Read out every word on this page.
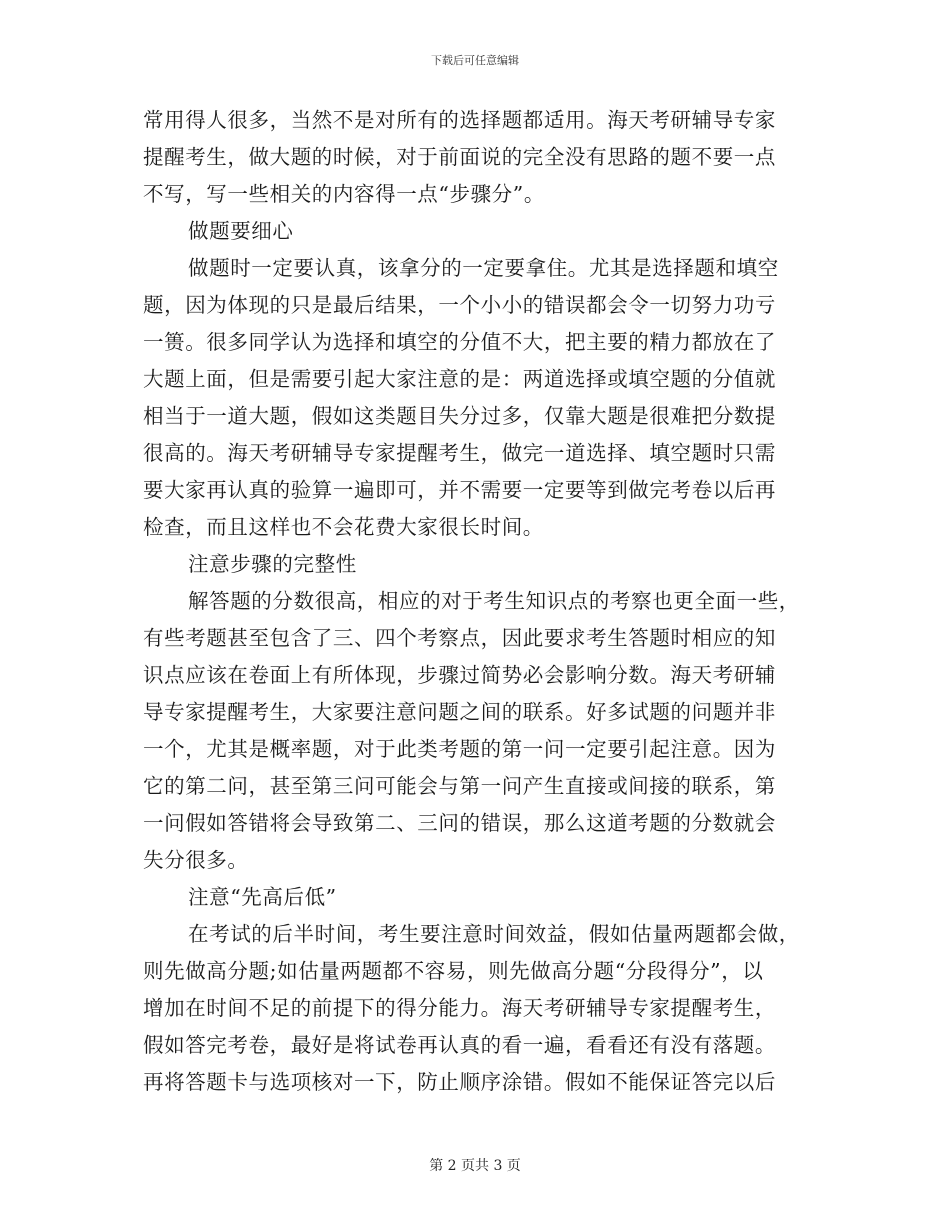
下载后可任意编辑
常用得人很多，当然不是对所有的选择题都适用。海天考研辅导专家
提醒考生，做大题的时候，对于前面说的完全没有思路的题不要一点
不写，写一些相关的内容得一点“步骤分”。
做题要细心
做题时一定要认真，该拿分的一定要拿住。尤其是选择题和填空
题，因为体现的只是最后结果，一个小小的错误都会令一切努力功亏
一篑。很多同学认为选择和填空的分值不大，把主要的精力都放在了
大题上面，但是需要引起大家注意的是：两道选择或填空题的分值就
相当于一道大题，假如这类题目失分过多，仅靠大题是很难把分数提
很高的。海天考研辅导专家提醒考生，做完一道选择、填空题时只需
要大家再认真的验算一遍即可，并不需要一定要等到做完考卷以后再
检查，而且这样也不会花费大家很长时间。
注意步骤的完整性
解答题的分数很高，相应的对于考生知识点的考察也更全面一些，
有些考题甚至包含了三、四个考察点，因此要求考生答题时相应的知
识点应该在卷面上有所体现，步骤过简势必会影响分数。海天考研辅
导专家提醒考生，大家要注意问题之间的联系。好多试题的问题并非
一个，尤其是概率题，对于此类考题的第一问一定要引起注意。因为
它的第二问，甚至第三问可能会与第一问产生直接或间接的联系，第
一问假如答错将会导致第二、三问的错误，那么这道考题的分数就会
失分很多。
注意“先高后低”
在考试的后半时间，考生要注意时间效益，假如估量两题都会做，
则先做高分题;如估量两题都不容易，则先做高分题“分段得分”，以
增加在时间不足的前提下的得分能力。海天考研辅导专家提醒考生，
假如答完考卷，最好是将试卷再认真的看一遍，看看还有没有落题。
再将答题卡与选项核对一下，防止顺序涂错。假如不能保证答完以后
第 2 页共 3 页
